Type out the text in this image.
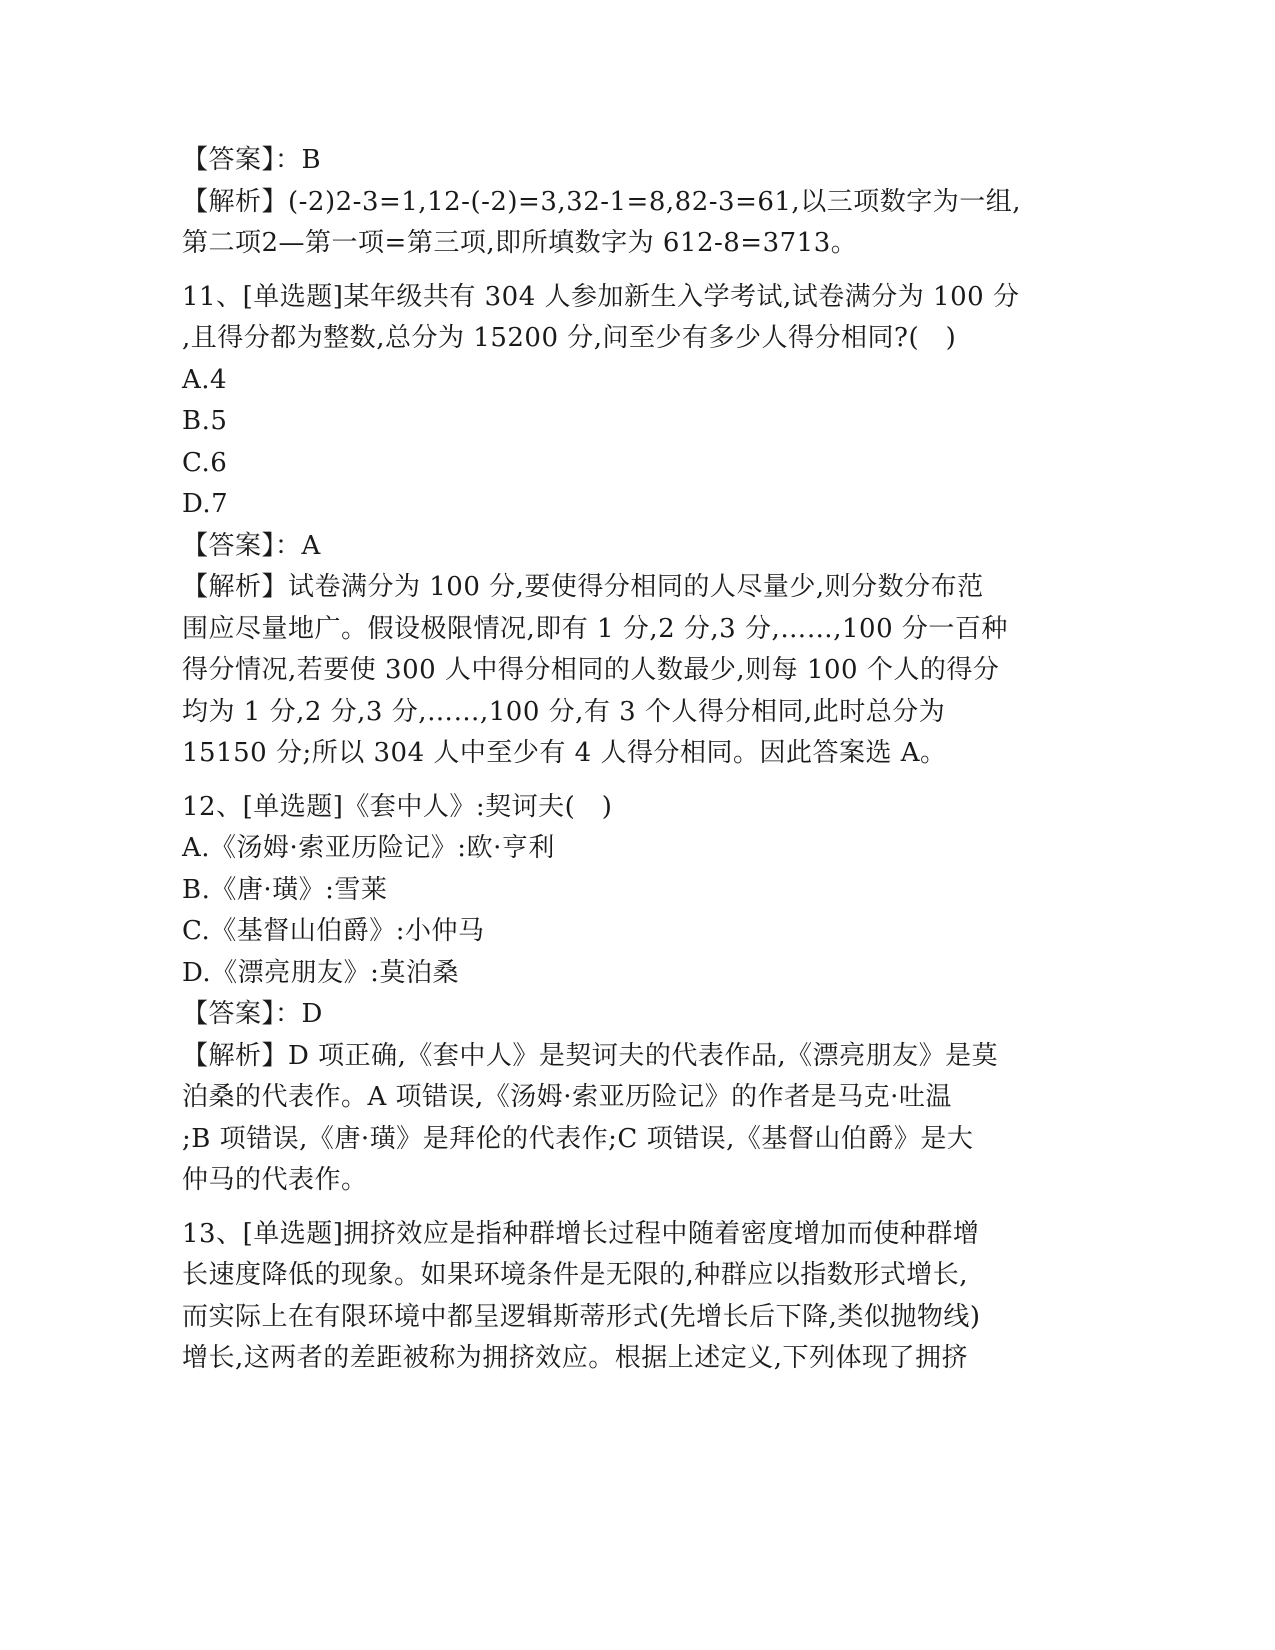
【答案】：B
【解析】(-2)2-3=1,12-(-2)=3,32-1=8,82-3=61,以三项数字为一组,
第二项2—第一项=第三项,即所填数字为 612-8=3713。
11、[单选题]某年级共有 304 人参加新生入学考试,试卷满分为 100 分
,且得分都为整数,总分为 15200 分,问至少有多少人得分相同?(　)
A.4
B.5
C.6
D.7
【答案】：A
【解析】试卷满分为 100 分,要使得分相同的人尽量少,则分数分布范
围应尽量地广。假设极限情况,即有 1 分,2 分,3 分,……,100 分一百种
得分情况,若要使 300 人中得分相同的人数最少,则每 100 个人的得分
均为 1 分,2 分,3 分,……,100 分,有 3 个人得分相同,此时总分为
15150 分;所以 304 人中至少有 4 人得分相同。因此答案选 A。
12、[单选题]《套中人》:契诃夫(　)
A.《汤姆·索亚历险记》:欧·亨利
B.《唐·璜》:雪莱
C.《基督山伯爵》:小仲马
D.《漂亮朋友》:莫泊桑
【答案】：D
【解析】D 项正确,《套中人》是契诃夫的代表作品,《漂亮朋友》是莫
泊桑的代表作。A 项错误,《汤姆·索亚历险记》的作者是马克·吐温
;B 项错误,《唐·璜》是拜伦的代表作;C 项错误,《基督山伯爵》是大
仲马的代表作。
13、[单选题]拥挤效应是指种群增长过程中随着密度增加而使种群增
长速度降低的现象。如果环境条件是无限的,种群应以指数形式增长,
而实际上在有限环境中都呈逻辑斯蒂形式(先增长后下降,类似抛物线)
增长,这两者的差距被称为拥挤效应。根据上述定义,下列体现了拥挤
